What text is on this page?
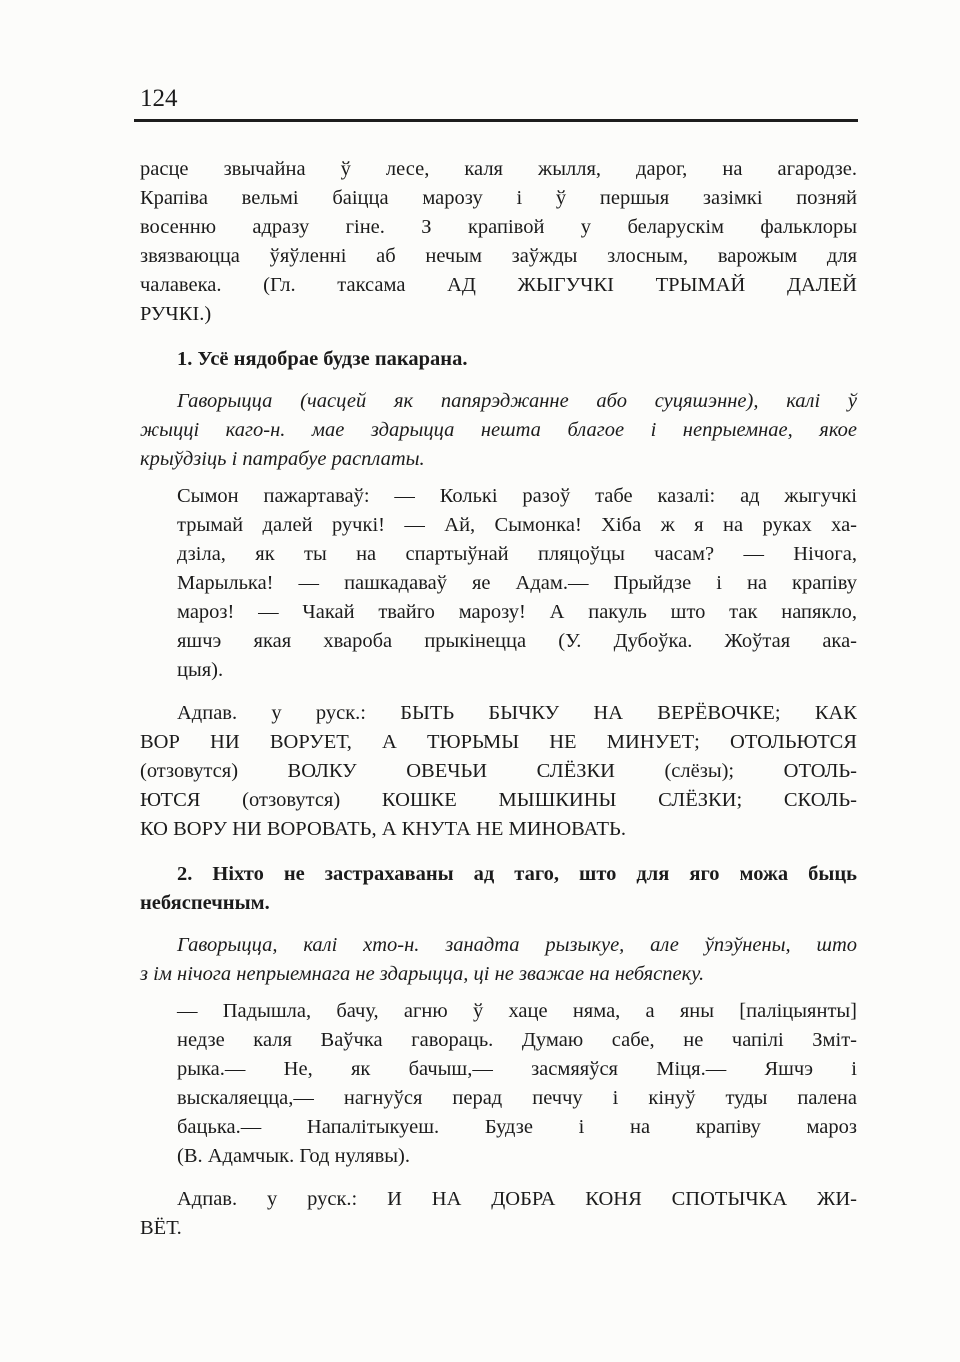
124
расце звычайна ў лесе, каля жылля, дарог, на агародзе.
Крапіва вельмі баіцца марозу і ў першыя зазімкі позняй
восенню адразу гіне. З крапівой у беларускім фальклоры
звязваюцца ўяўленні аб нечым заўжды злосным, варожым для
чалавека. (Гл. таксама АД ЖЫГУЧКІ ТРЫМАЙ ДАЛЕЙ
РУЧКІ.)
1. Усё нядобрае будзе пакарана.
Гаворыцца (часцей як папярэджанне або суцяшэнне), калі ў
жыцці каго-н. мае здарыцца нешта благое і непрыемнае, якое
крыўдзіць і патрабуе расплаты.
Сымон пажартаваў: — Колькі разоў табе казалі: ад жыгучкі
трымай далей ручкі! — Ай, Сымонка! Хіба ж я на руках ха-
дзіла, як ты на спартыўнай пляцоўцы часам? — Нічога,
Марылька! — пашкадаваў яе Адам.— Прыйдзе і на крапіву
мароз! — Чакай твайго марозу! А пакуль што так напякло,
яшчэ якая хвароба прыкінецца (У. Дубоўка. Жоўтая ака-
цыя).
Адпав. у руск.: БЫТЬ БЫЧКУ НА ВЕРЁВОЧКЕ; КАК
ВОР НИ ВОРУЕТ, А ТЮРЬМЫ НЕ МИНУЕТ; ОТОЛЬЮТСЯ
(отзовутся) ВОЛКУ ОВЕЧЬИ СЛЁЗКИ (слёзы); ОТОЛЬ-
ЮТСЯ (отзовутся) КОШКЕ МЫШКИНЫ СЛЁЗКИ; СКОЛЬ-
КО ВОРУ НИ ВОРОВАТЬ, А КНУТА НЕ МИНОВАТЬ.
2. Ніхто не застрахаваны ад таго, што для яго можа быць
небяспечным.
Гаворыцца, калі хто-н. занадта рызыкуе, але ўпэўнены, што
з ім нічога непрыемнага не здарыцца, ці не зважае на небяспеку.
— Падышла, бачу, агню ў хаце няма, а яны [паліцыянты]
недзе каля Ваўчка гавораць. Думаю сабе, не чапілі Зміт-
рыка.— Не, як бачыш,— засмяяўся Міця.— Яшчэ і
выскаляецца,— нагнуўся перад печчу і кінуў туды палена
бацька.— Напалітыкуеш. Будзе і на крапіву мароз
(В. Адамчык. Год нулявы).
Адпав. у руск.: И НА ДОБРА КОНЯ СПОТЫЧКА ЖИ-
ВЁТ.
